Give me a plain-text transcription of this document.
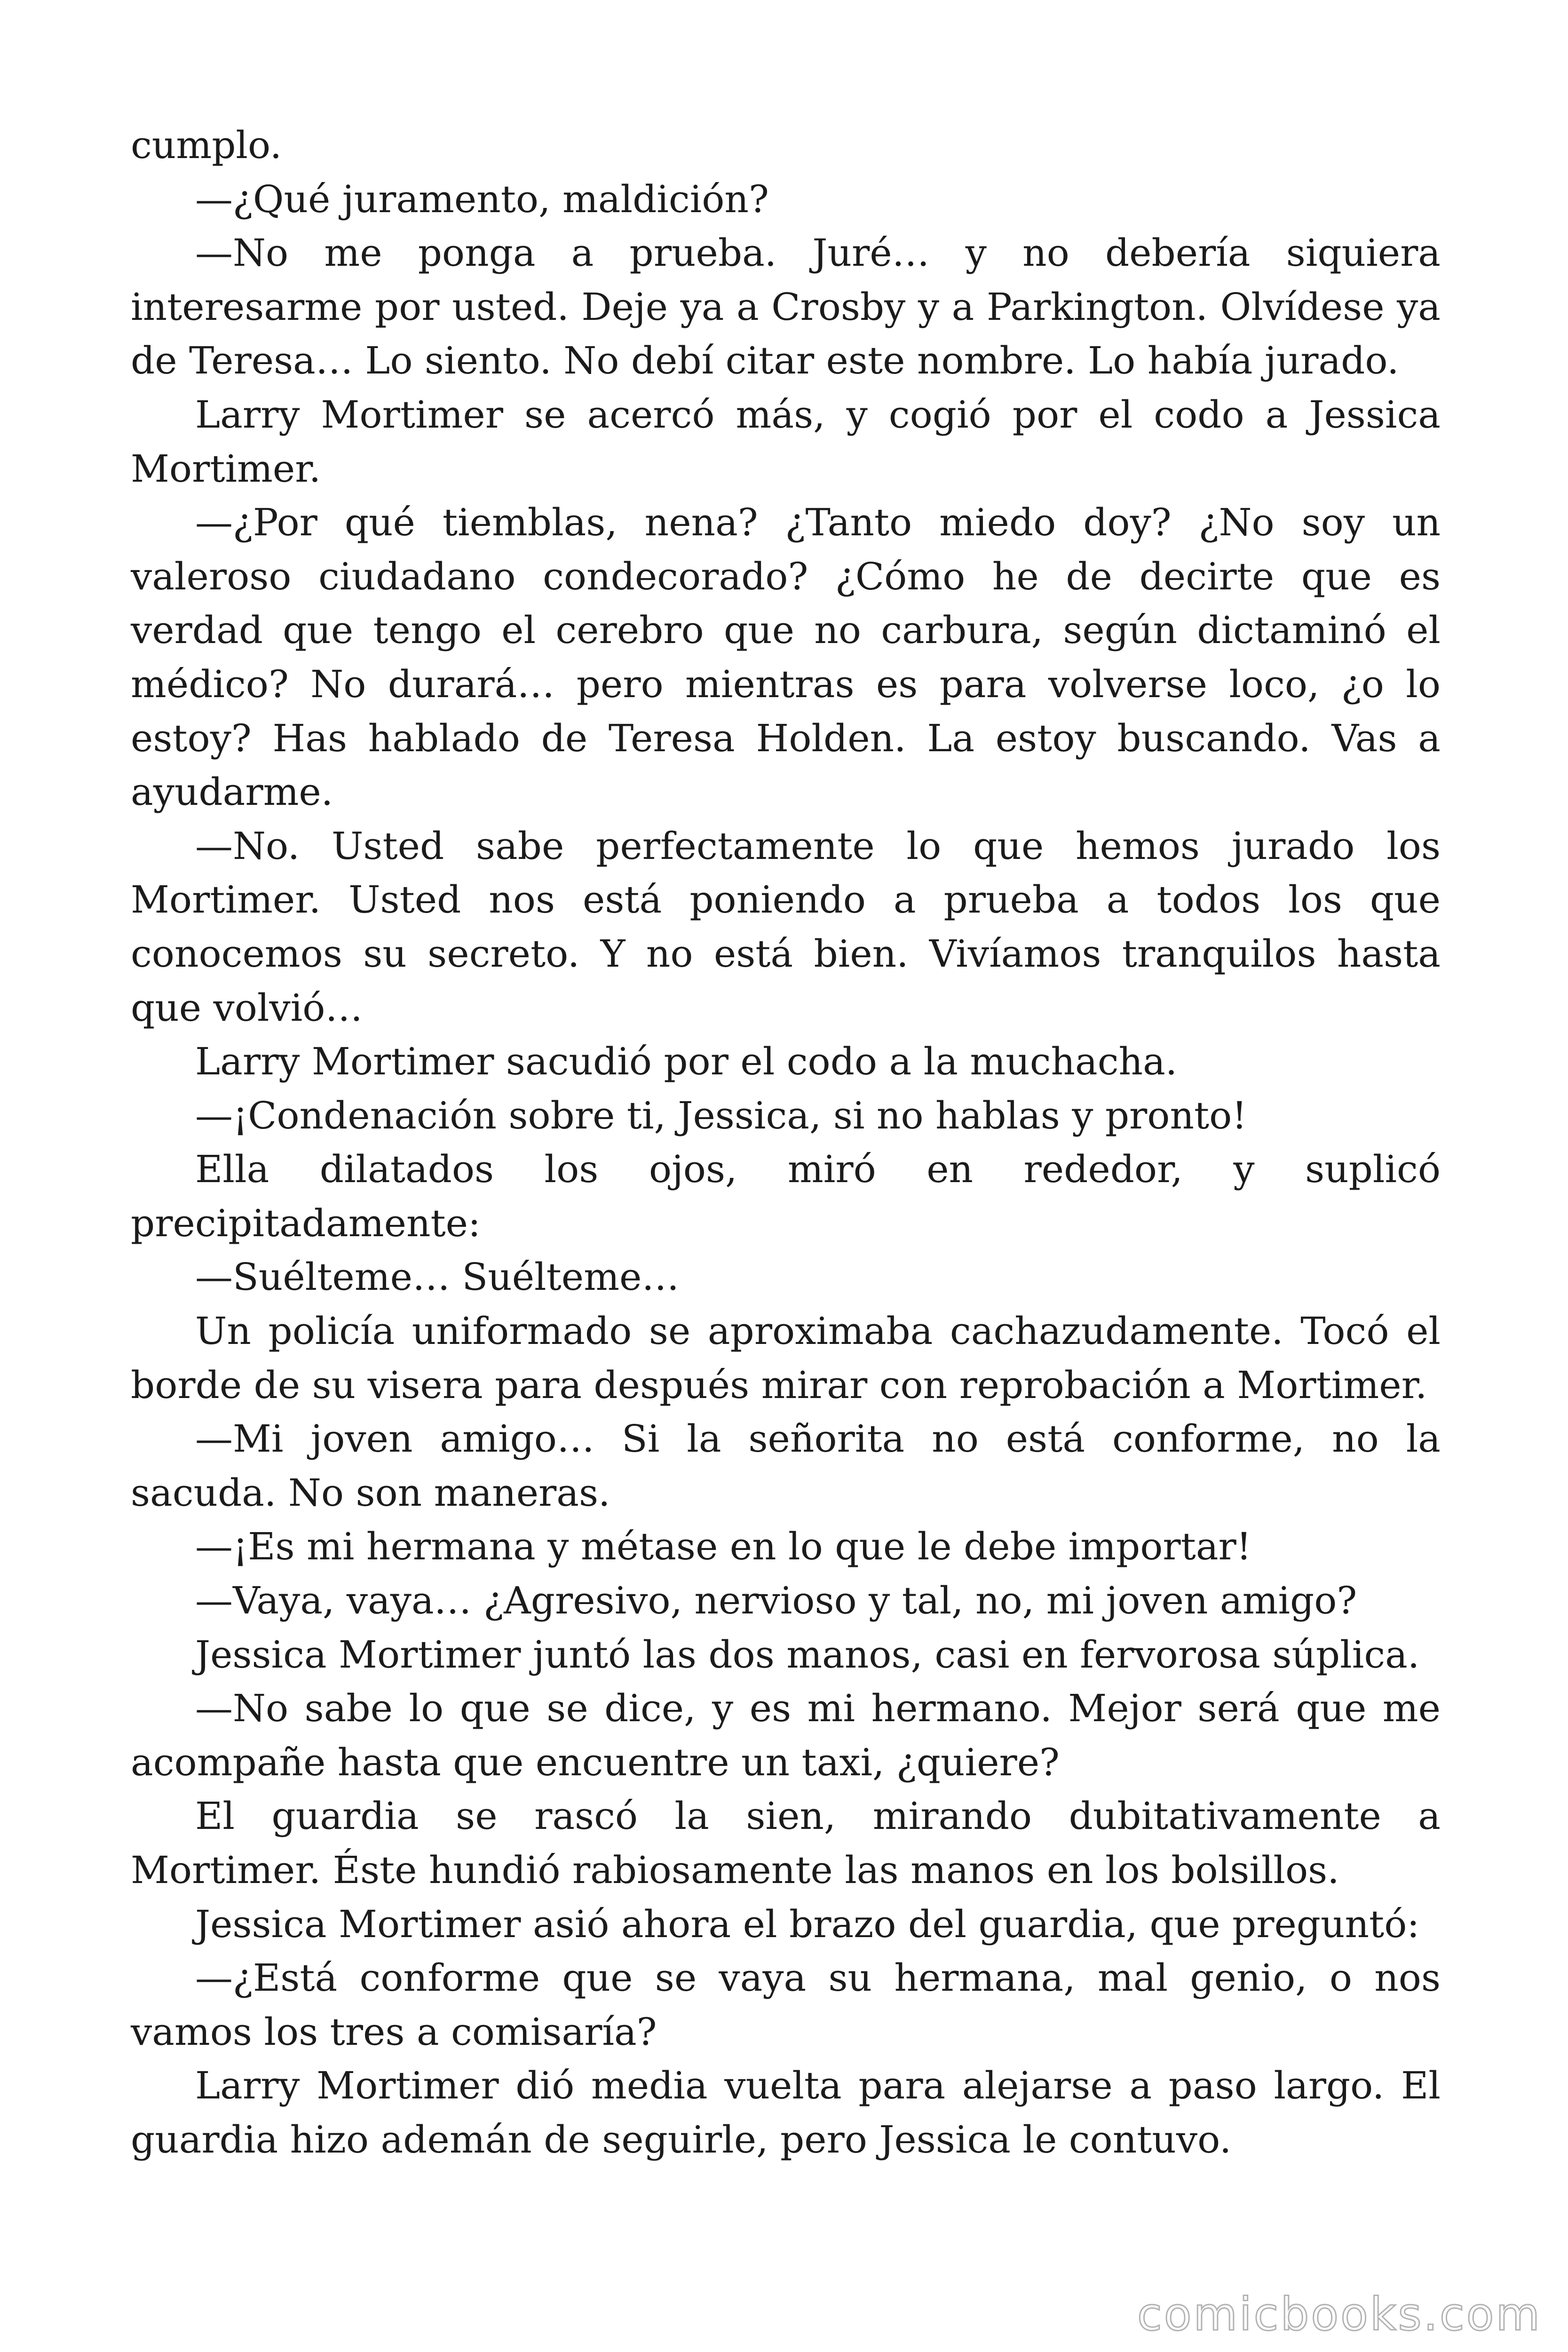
cumplo.

—¿Qué juramento, maldición?

—No me ponga a prueba. Juré… y no debería siquiera interesarme por usted. Deje ya a Crosby y a Parkington. Olvídese ya de Teresa… Lo siento. No debí citar este nombre. Lo había jurado.

Larry Mortimer se acercó más, y cogió por el codo a Jessica Mortimer.

—¿Por qué tiemblas, nena? ¿Tanto miedo doy? ¿No soy un valeroso ciudadano condecorado? ¿Cómo he de decirte que es verdad que tengo el cerebro que no carbura, según dictaminó el médico? No durará… pero mientras es para volverse loco, ¿o lo estoy? Has hablado de Teresa Holden. La estoy buscando. Vas a ayudarme.

—No. Usted sabe perfectamente lo que hemos jurado los Mortimer. Usted nos está poniendo a prueba a todos los que conocemos su secreto. Y no está bien. Vivíamos tranquilos hasta que volvió…

Larry Mortimer sacudió por el codo a la muchacha.

—¡Condenación sobre ti, Jessica, si no hablas y pronto!

Ella dilatados los ojos, miró en rededor, y suplicó precipitadamente:

—Suélteme… Suélteme…

Un policía uniformado se aproximaba cachazudamente. Tocó el borde de su visera para después mirar con reprobación a Mortimer.

—Mi joven amigo… Si la señorita no está conforme, no la sacuda. No son maneras.

—¡Es mi hermana y métase en lo que le debe importar!

—Vaya, vaya… ¿Agresivo, nervioso y tal, no, mi joven amigo?

Jessica Mortimer juntó las dos manos, casi en fervorosa súplica.

—No sabe lo que se dice, y es mi hermano. Mejor será que me acompañe hasta que encuentre un taxi, ¿quiere?

El guardia se rascó la sien, mirando dubitativamente a Mortimer. Éste hundió rabiosamente las manos en los bolsillos.

Jessica Mortimer asió ahora el brazo del guardia, que preguntó:

—¿Está conforme que se vaya su hermana, mal genio, o nos vamos los tres a comisaría?

Larry Mortimer dió media vuelta para alejarse a paso largo. El guardia hizo ademán de seguirle, pero Jessica le contuvo.

comicbooks.com
